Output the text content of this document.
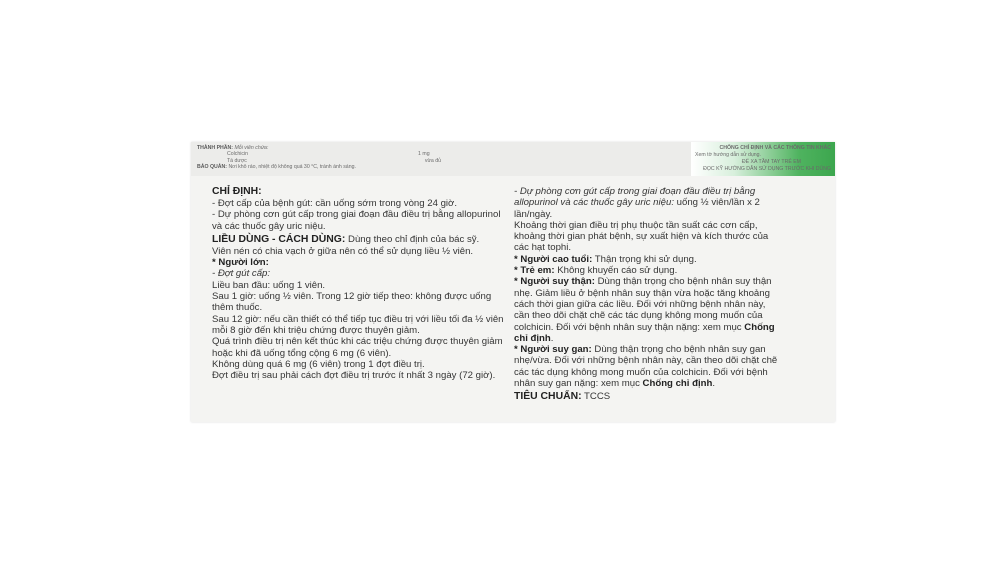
THÀNH PHẦN: Mỗi viên chứa:
Colchicin	1 mg
Tá dược	vừa đủ
BẢO QUẢN: Nơi khô ráo, nhiệt độ không quá 30 °C, tránh ánh sáng.
CHỐNG CHỈ ĐỊNH VÀ CÁC THÔNG TIN KHÁC
Xem tờ hướng dẫn sử dụng.
ĐỂ XA TẦM TAY TRẺ EM
ĐỌC KỸ HƯỚNG DẪN SỬ DỤNG TRƯỚC KHI DÙNG

CHỈ ĐỊNH:

- Đợt cấp của bệnh gút: cần uống sớm trong vòng 24 giờ.

- Dự phòng cơn gút cấp trong giai đoạn đầu điều trị bằng allopurinol và các thuốc gây uric niệu.

LIỀU DÙNG - CÁCH DÙNG: Dùng theo chỉ định của bác sỹ.

Viên nén có chia vạch ở giữa nên có thể sử dụng liều ½ viên.

* Người lớn:

- Đợt gút cấp:

Liều ban đầu: uống 1 viên.

Sau 1 giờ: uống ½ viên. Trong 12 giờ tiếp theo: không được uống thêm thuốc.

Sau 12 giờ: nếu cần thiết có thể tiếp tục điều trị với liều tối đa ½ viên mỗi 8 giờ đến khi triệu chứng được thuyên giảm.

Quá trình điều trị nên kết thúc khi các triệu chứng được thuyên giảm hoặc khi đã uống tổng cộng 6 mg (6 viên).

Không dùng quá 6 mg (6 viên) trong 1 đợt điều trị.

Đợt điều trị sau phải cách đợt điều trị trước ít nhất 3 ngày (72 giờ).

- Dự phòng cơn gút cấp trong giai đoạn đầu điều trị bằng allopurinol và các thuốc gây uric niệu: uống ½ viên/lần x 2 lần/ngày.

Khoảng thời gian điều trị phụ thuộc tần suất các cơn cấp, khoảng thời gian phát bệnh, sự xuất hiện và kích thước của các hạt tophi.

* Người cao tuổi: Thận trọng khi sử dụng.

* Trẻ em: Không khuyến cáo sử dụng.

* Người suy thận: Dùng thận trọng cho bệnh nhân suy thận nhẹ. Giảm liều ở bệnh nhân suy thận vừa hoặc tăng khoảng cách thời gian giữa các liều. Đối với những bệnh nhân này, cần theo dõi chặt chẽ các tác dụng không mong muốn của colchicin. Đối với bệnh nhân suy thận nặng: xem mục Chống chỉ định.

* Người suy gan: Dùng thận trọng cho bệnh nhân suy gan nhẹ/vừa. Đối với những bệnh nhân này, cần theo dõi chặt chẽ các tác dụng không mong muốn của colchicin. Đối với bệnh nhân suy gan nặng: xem mục Chống chỉ định.

TIÊU CHUẨN: TCCS
